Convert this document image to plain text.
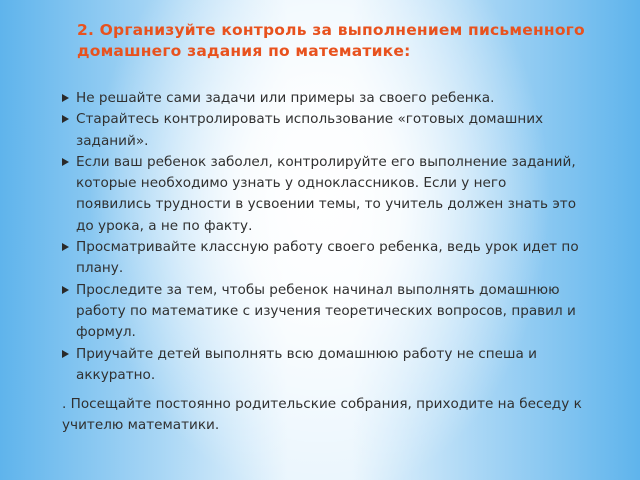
2. Организуйте контроль за выполнением письменного домашнего задания по математике:
Не решайте сами задачи или примеры за своего ребенка.
Старайтесь контролировать использование «готовых домашних заданий».
Если ваш ребенок заболел, контролируйте его выполнение заданий, которые необходимо узнать у одноклассников. Если у него появились трудности в усвоении темы, то учитель должен знать это до урока, а не по факту.
Просматривайте классную работу своего ребенка, ведь урок идет по плану.
Проследите за тем, чтобы ребенок начинал выполнять домашнюю работу по математике с изучения теоретических вопросов, правил и формул.
Приучайте детей выполнять всю домашнюю работу не спеша и аккуратно.

. Посещайте постоянно родительские собрания, приходите на беседу к учителю математики.
